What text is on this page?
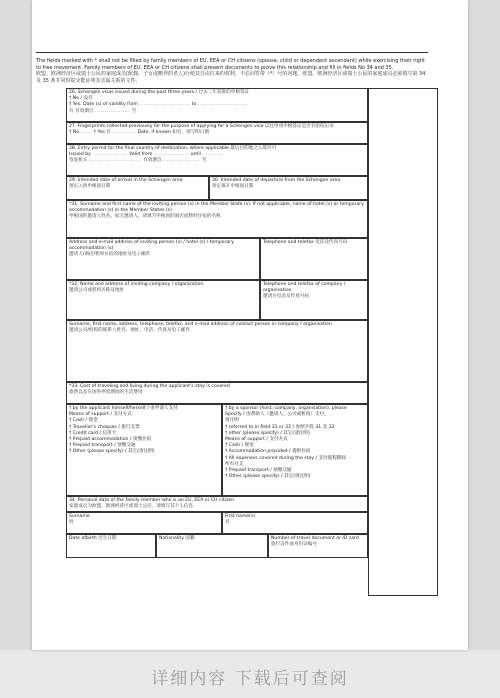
详细内容 下载后可查阅
The fields marked with * shall not be filled by family members of EU, EEA or CH citizens (spouse, child or dependent ascendant) while exercising their right to free movement. Family members of EU, EEA or CH citizens shall present documents to prove this relationship and fill in fields No 34 and 35.
欧盟、欧洲经济区或瑞士公民的家庭成员(配偶、子女或赡养的老人)行使其自由往来的权利，不必回答带（*）号的问题。欧盟、欧洲经济区或瑞士公民的家庭成员必须填写第 34 及 35 条并同时提交能证明其亲属关系的文件。
26. Schengen visas issued during the past three years / 过去三年获批的申根签证
† No / 没有
† Yes. Date (s) of validity from .......................... to ..........................
有 有效期自 .................. 至
27. Fingerprints collected previously for the purpose of applying for a Schengen visa 以往申请申根签证是否有指纹记录
† No ...... † Yes 有 ............ Date, if known 如有，请写明日期
28. Entry permit for the final country of destination, where applicable 最后目的地之入境许可
Issued by .................. Valid from .................. until ...........
签发机关 ........................... 有效期自 ................... 至
29. Intended date of arrival in the Schengen area
预定入境申根国日期
30. Intended date of departure from the Schengen area
预定离开申根国日期
*31. Surname and first name of the inviting person (s) in the Member State (s). If not applicable, name of hotel (s) or temporary accommodation (s) in the Member States (s)
申根国的邀请人姓名。如无邀请人，请填写申根国的酒店或暂时住宿的名称
Address and e-mail address of inviting person (s) / hotel (s) / temporary accommodation (s)
邀请人/酒店/暂时住宿的地址及电子邮件
Telephone and telefax 电话及传真号码
*32. Name and address of inviting company / organization
邀请公司或机构名称及地址
Telephone and telefax of company / organisation
邀请方电话及传真号码
Surname, first name, address, telephone, telefax, and e-mail address of contact person in company / organisation
邀请公司/机构的联系人姓名、地址、电话、传真及电子邮件
*33. Cost of traveling and living during the applicant's stay is covered
旅费以及在国外停留期间的生活费用
† by the applicant himself/herself / 由申请人支付
Means of support / 支付方式
† Cash / 现金
† Traveller's cheques / 旅行支票
† Credit card / 信用卡
† Prepaid accommodation / 预缴住宿
† Prepaid transport / 预缴交通
† Other (please specify) / 其它(请注明)
† by a sponsor (host, company, organisation), please
Specify / 由赞助人（邀请人、公司或机构）支付，
请注明
† referred to in field 31 or 32 / 参照字段 31 及 32
† other (please specify) / 其它(请注明)
Means of support / 支付方式
† Cash / 现金
† Accommodation provided / 提供住宿
† All expenses covered during the stay / 支付旅程期间
所有开支
† Prepaid transport / 预缴交通
† Other (please specify) / 其它(请注明)
34. Personal data of the family member who is an EU, EEA or CH citizen
家庭成员为欧盟、欧洲经济区或瑞士公民，请填写其个人信息
Surname
姓
First name(s)
名
Date ofbirth 出生日期	Nationality 国籍	Number of travel document or ID card
旅行证件或身份证编号
